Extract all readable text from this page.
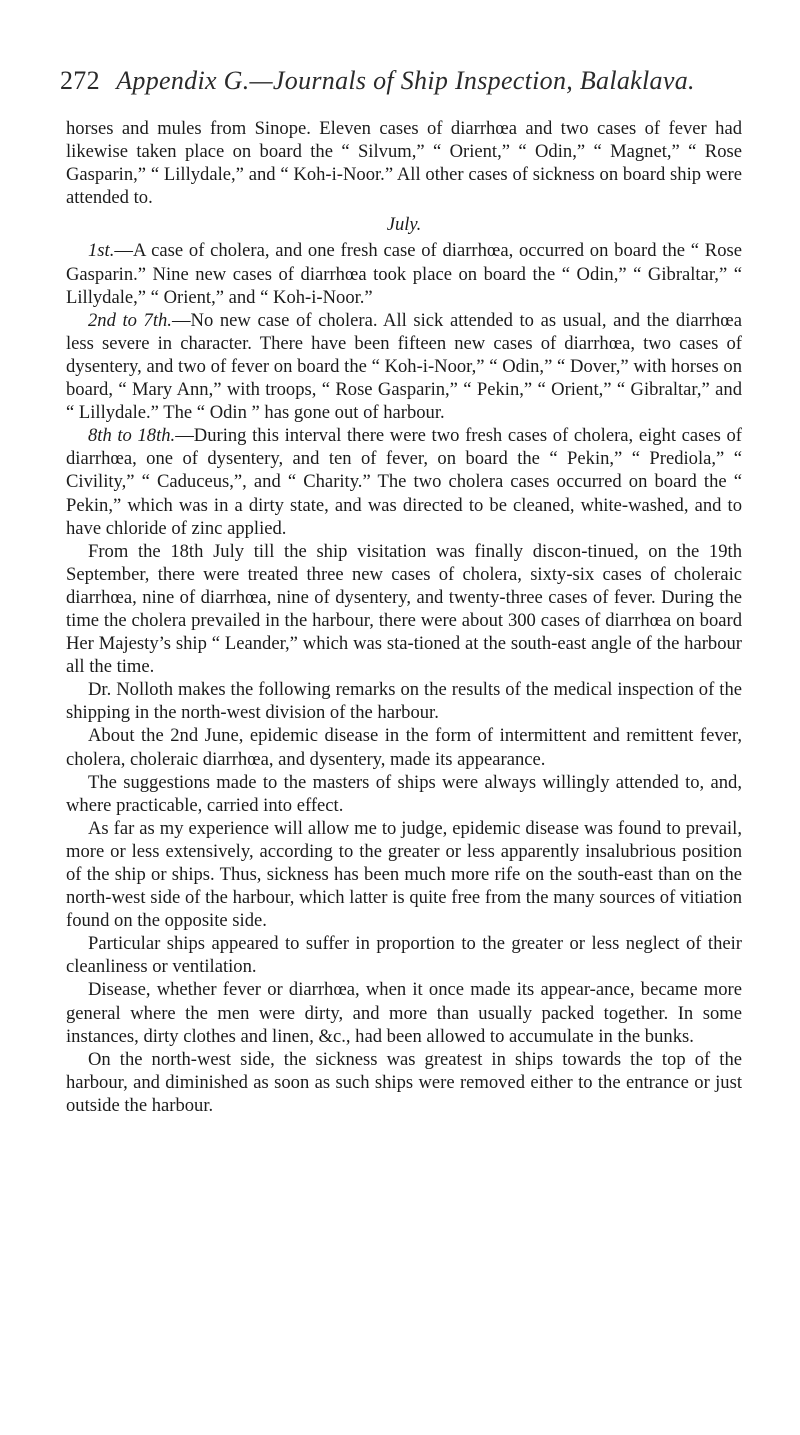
272 Appendix G.—Journals of Ship Inspection, Balaklava.

horses and mules from Sinope. Eleven cases of diarrhœa and two cases of fever had likewise taken place on board the “ Silvum,” “ Orient,” “ Odin,” “ Magnet,” “ Rose Gasparin,” “ Lillydale,” and “ Koh-i-Noor.” All other cases of sickness on board ship were attended to.

July.

1st.—A case of cholera, and one fresh case of diarrhœa, occurred on board the “ Rose Gasparin.” Nine new cases of diarrhœa took place on board the “ Odin,” “ Gibraltar,” “ Lillydale,” “ Orient,” and “ Koh-i-Noor.”

2nd to 7th.—No new case of cholera. All sick attended to as usual, and the diarrhœa less severe in character. There have been fifteen new cases of diarrhœa, two cases of dysentery, and two of fever on board the “ Koh-i-Noor,” “ Odin,” “ Dover,” with horses on board, “ Mary Ann,” with troops, “ Rose Gasparin,” “ Pekin,” “ Orient,” “ Gibraltar,” and “ Lillydale.” The “ Odin ” has gone out of harbour.

8th to 18th.—During this interval there were two fresh cases of cholera, eight cases of diarrhœa, one of dysentery, and ten of fever, on board the “ Pekin,” “ Prediola,” “ Civility,” “ Caduceus,”, and “ Charity.” The two cholera cases occurred on board the “ Pekin,” which was in a dirty state, and was directed to be cleaned, white-washed, and to have chloride of zinc applied.

From the 18th July till the ship visitation was finally discon-tinued, on the 19th September, there were treated three new cases of cholera, sixty-six cases of choleraic diarrhœa, nine of diarrhœa, nine of dysentery, and twenty-three cases of fever. During the time the cholera prevailed in the harbour, there were about 300 cases of diarrhœa on board Her Majesty’s ship “ Leander,” which was sta-tioned at the south-east angle of the harbour all the time.

Dr. Nolloth makes the following remarks on the results of the medical inspection of the shipping in the north-west division of the harbour.

About the 2nd June, epidemic disease in the form of intermittent and remittent fever, cholera, choleraic diarrhœa, and dysentery, made its appearance.

The suggestions made to the masters of ships were always willingly attended to, and, where practicable, carried into effect.

As far as my experience will allow me to judge, epidemic disease was found to prevail, more or less extensively, according to the greater or less apparently insalubrious position of the ship or ships. Thus, sickness has been much more rife on the south-east than on the north-west side of the harbour, which latter is quite free from the many sources of vitiation found on the opposite side.

Particular ships appeared to suffer in proportion to the greater or less neglect of their cleanliness or ventilation.

Disease, whether fever or diarrhœa, when it once made its appear-ance, became more general where the men were dirty, and more than usually packed together. In some instances, dirty clothes and linen, &c., had been allowed to accumulate in the bunks.

On the north-west side, the sickness was greatest in ships towards the top of the harbour, and diminished as soon as such ships were removed either to the entrance or just outside the harbour.
